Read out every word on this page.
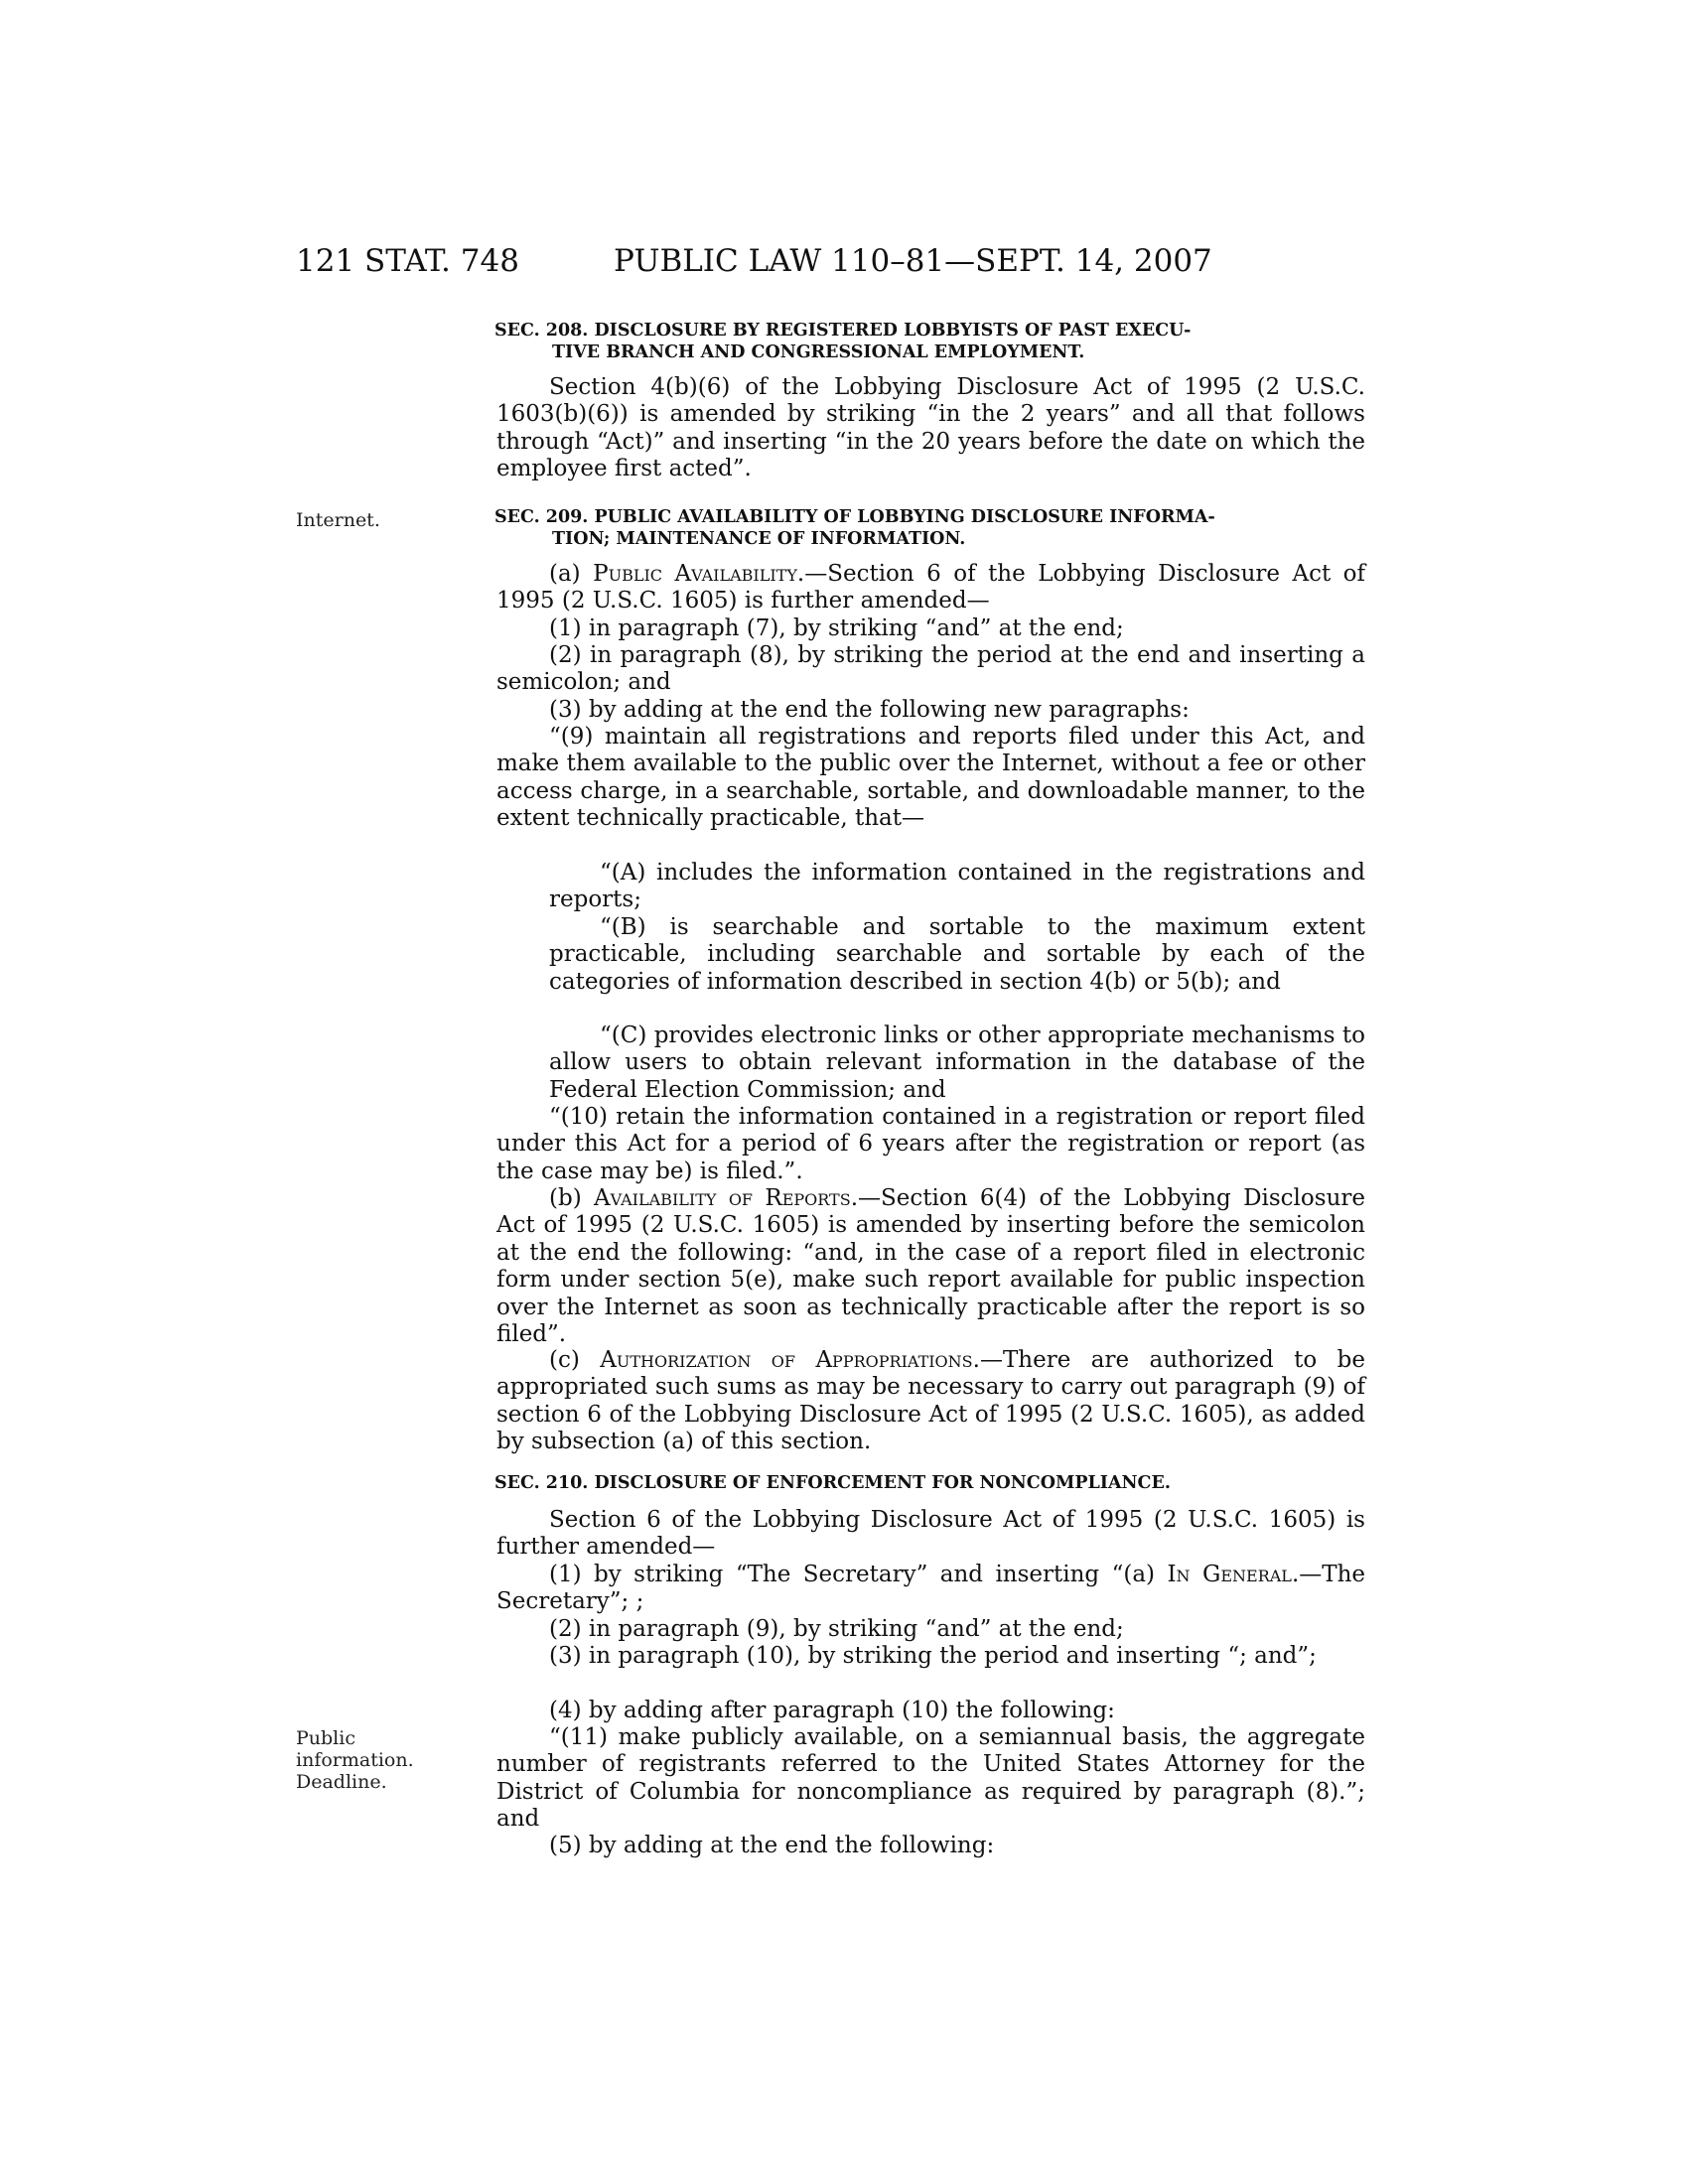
121 STAT. 748	PUBLIC LAW 110–81—SEPT. 14, 2007
SEC. 208. DISCLOSURE BY REGISTERED LOBBYISTS OF PAST EXECU-
TIVE BRANCH AND CONGRESSIONAL EMPLOYMENT.

Section 4(b)(6) of the Lobbying Disclosure Act of 1995 (2 U.S.C. 1603(b)(6)) is amended by striking “in the 2 years” and all that follows through “Act)” and inserting “in the 20 years before the date on which the employee first acted”.

Internet.	SEC. 209. PUBLIC AVAILABILITY OF LOBBYING DISCLOSURE INFORMA-
TION; MAINTENANCE OF INFORMATION.

(a) Public Availability.—Section 6 of the Lobbying Disclosure Act of 1995 (2 U.S.C. 1605) is further amended—

(1) in paragraph (7), by striking “and” at the end;

(2) in paragraph (8), by striking the period at the end and inserting a semicolon; and

(3) by adding at the end the following new paragraphs:

“(9) maintain all registrations and reports filed under this Act, and make them available to the public over the Internet, without a fee or other access charge, in a searchable, sortable, and downloadable manner, to the extent technically practicable, that—

“(A) includes the information contained in the registrations and reports;

“(B) is searchable and sortable to the maximum extent practicable, including searchable and sortable by each of the categories of information described in section 4(b) or 5(b); and

“(C) provides electronic links or other appropriate mechanisms to allow users to obtain relevant information in the database of the Federal Election Commission; and

“(10) retain the information contained in a registration or report filed under this Act for a period of 6 years after the registration or report (as the case may be) is filed.”.

(b) Availability of Reports.—Section 6(4) of the Lobbying Disclosure Act of 1995 (2 U.S.C. 1605) is amended by inserting before the semicolon at the end the following: “and, in the case of a report filed in electronic form under section 5(e), make such report available for public inspection over the Internet as soon as technically practicable after the report is so filed”.

(c) Authorization of Appropriations.—There are authorized to be appropriated such sums as may be necessary to carry out paragraph (9) of section 6 of the Lobbying Disclosure Act of 1995 (2 U.S.C. 1605), as added by subsection (a) of this section.

SEC. 210. DISCLOSURE OF ENFORCEMENT FOR NONCOMPLIANCE.

Section 6 of the Lobbying Disclosure Act of 1995 (2 U.S.C. 1605) is further amended—

(1) by striking “The Secretary” and inserting “(a) In General.—The Secretary”; ;

(2) in paragraph (9), by striking “and” at the end;

(3) in paragraph (10), by striking the period and inserting “; and”;

(4) by adding after paragraph (10) the following:

Public
information.
Deadline.

“(11) make publicly available, on a semiannual basis, the aggregate number of registrants referred to the United States Attorney for the District of Columbia for noncompliance as required by paragraph (8).”; and

(5) by adding at the end the following:
